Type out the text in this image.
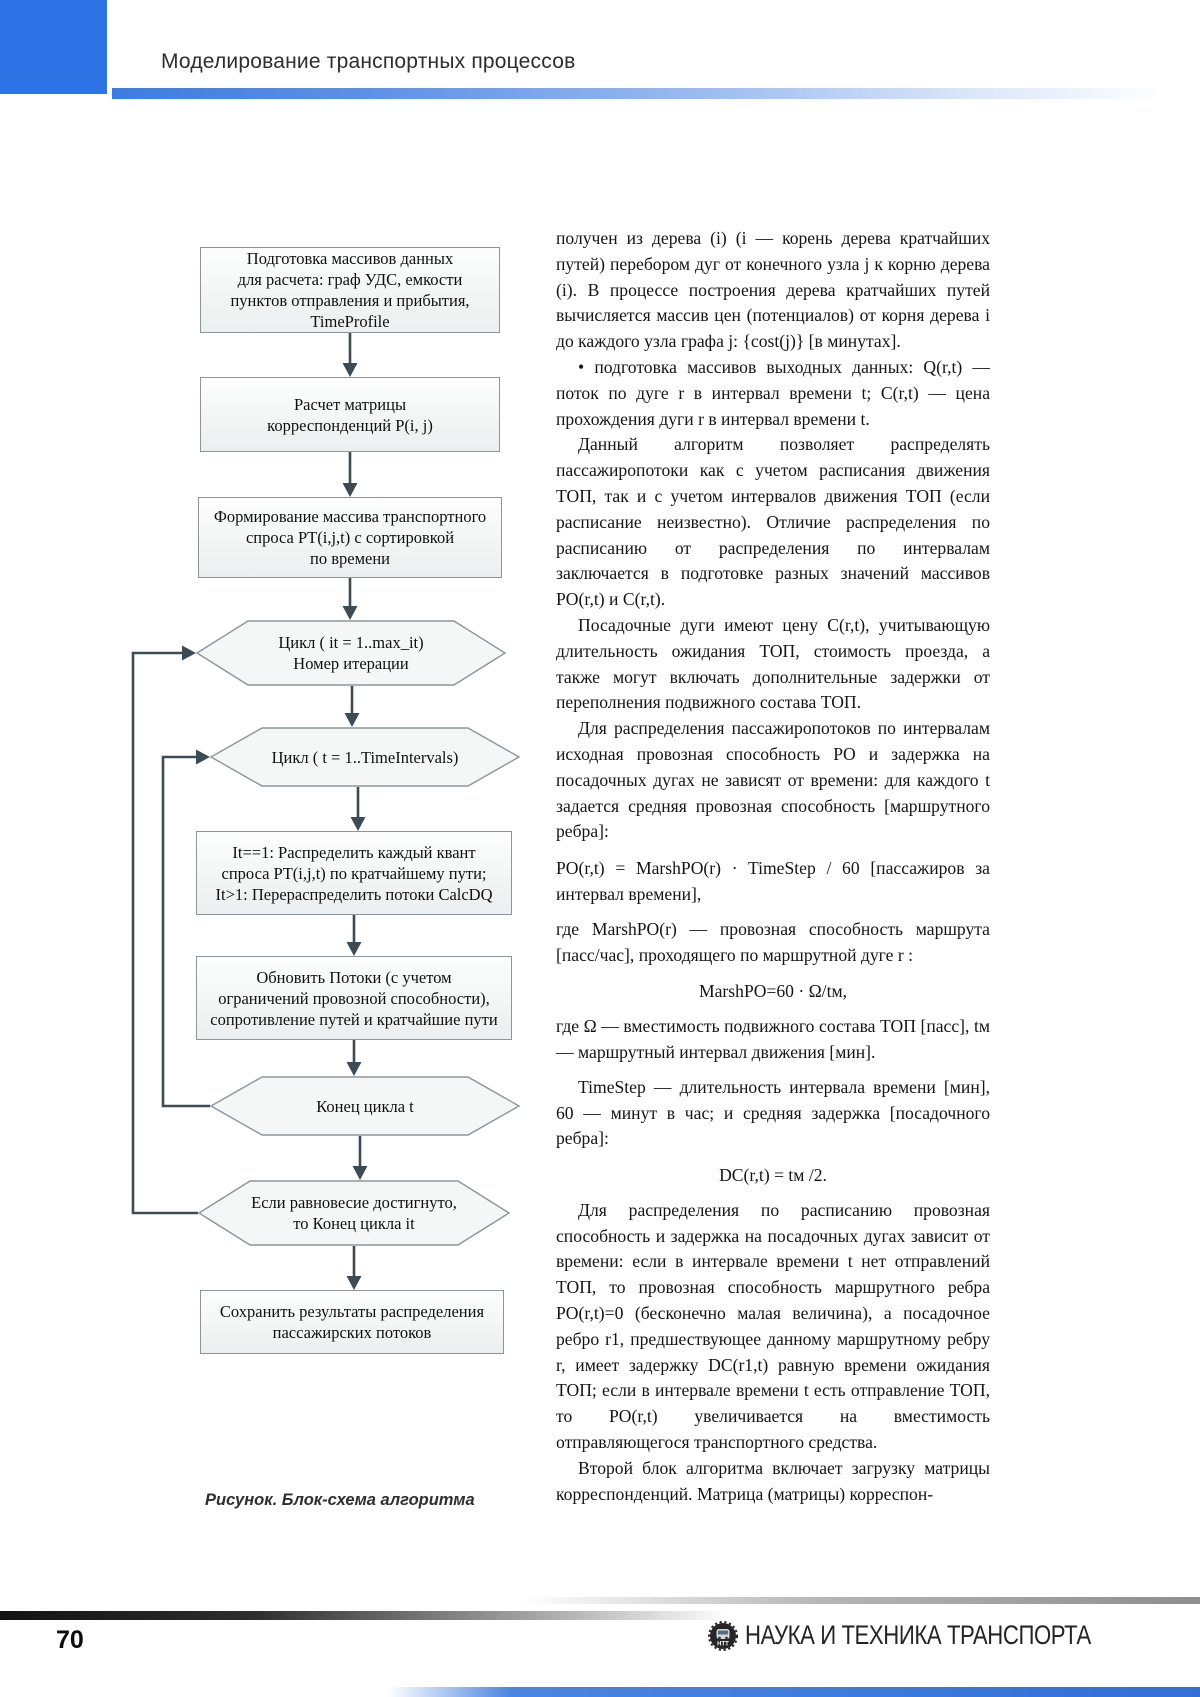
Моделирование транспортных процессов
Подготовка массивов данных
для расчета: граф УДС, емкости
пунктов отправления и прибытия,
TimeProfile
Расчет матрицы
корреспонденций P(i, j)
Формирование массива транспортного
спроса PT(i,j,t) с сортировкой
по времени
Цикл ( it = 1..max_it)
Номер итерации
Цикл ( t = 1..TimeIntervals)
It==1: Распределить каждый квант
спроса PT(i,j,t) по кратчайшему пути;
It>1: Перераспределить потоки CalcDQ
Обновить Потоки (с учетом
ограничений провозной способности),
сопротивление путей и кратчайшие пути
Конец цикла t
Если равновесие достигнуто,
то Конец цикла it
Сохранить результаты распределения
пассажирских потоков
Рисунок. Блок-схема алгоритма

получен из дерева (i) (i — корень дерева кратчайших путей) перебором дуг от конечного узла j к корню дерева (i). В процессе построения дерева кратчайших путей вычисляется массив цен (потенциалов) от корня дерева i до каждого узла графа j: {cost(j)} [в минутах].

• подготовка массивов выходных данных: Q(r,t) — поток по дуге r в интервал времени t; C(r,t) — цена прохождения дуги r в интервал времени t.

Данный алгоритм позволяет распределять пассажиропотоки как с учетом расписания движения ТОП, так и с учетом интервалов движения ТОП (если расписание неизвестно). Отличие распределения по расписанию от распределения по интервалам заключается в подготовке разных значений массивов PO(r,t) и C(r,t).

Посадочные дуги имеют цену C(r,t), учитывающую длительность ожидания ТОП, стоимость проезда, а также могут включать дополнительные задержки от переполнения подвижного состава ТОП.

Для распределения пассажиропотоков по интервалам исходная провозная способность PO и задержка на посадочных дугах не зависят от времени: для каждого t задается средняя провозная способность [маршрутного ребра]:

PO(r,t) = MarshPO(r) · TimeStep / 60 [пассажиров за интервал времени],

где MarshPO(r) — провозная способность маршрута [пасс/час], проходящего по маршрутной дуге r :

MarshPO=60 · Ω/tм,

где Ω — вместимость подвижного состава ТОП [пасс], tм — маршрутный интервал движения [мин].

TimeStep — длительность интервала времени [мин], 60 — минут в час; и средняя задержка [посадочного ребра]:

DC(r,t) = tм /2.

Для распределения по расписанию провозная способность и задержка на посадочных дугах зависит от времени: если в интервале времени t нет отправлений ТОП, то провозная способность маршрутного ребра PO(r,t)=0 (бесконечно малая величина), а посадочное ребро r1, предшествующее данному маршрутному ребру r, имеет задержку DC(r1,t) равную времени ожидания ТОП; если в интервале времени t есть отправление ТОП, то PO(r,t) увеличивается на вместимость отправляющегося транспортного средства.

Второй блок алгоритма включает загрузку матрицы корреспонденций. Матрица (матрицы) корреспон-

70	НТТ НАУКА И ТЕХНИКА ТРАНСПОРТА
